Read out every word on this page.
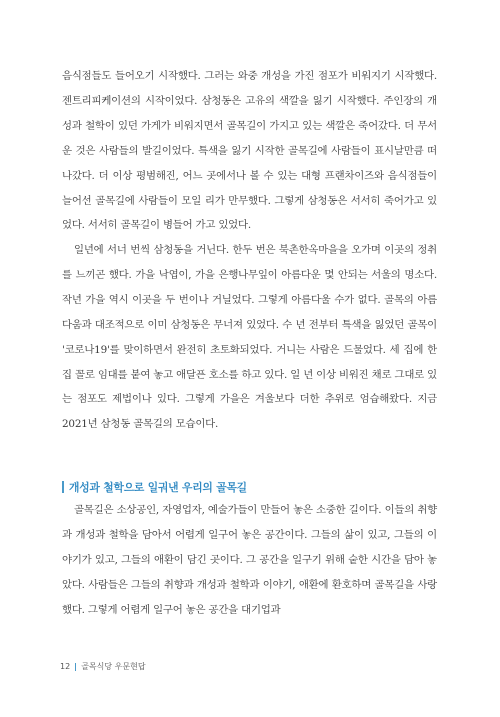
음식점들도 들어오기 시작했다. 그러는 와중 개성을 가진 점포가 비워지기 시작했다. 젠트리피케이션의 시작이었다. 삼청동은 고유의 색깔을 잃기 시작했다. 주인장의 개성과 철학이 있던 가게가 비워지면서 골목길이 가지고 있는 색깔은 죽어갔다. 더 무서운 것은 사람들의 발길이었다. 특색을 잃기 시작한 골목길에 사람들이 표시날만큼 떠나갔다. 더 이상 평범해진, 어느 곳에서나 볼 수 있는 대형 프랜차이즈와 음식점들이 늘어선 골목길에 사람들이 모일 리가 만무했다. 그렇게 삼청동은 서서히 죽어가고 있었다. 서서히 골목길이 병들어 가고 있었다.

일년에 서너 번씩 삼청동을 거닌다. 한두 번은 북촌한옥마을을 오가며 이곳의 정취를 느끼곤 했다. 가을 낙엽이, 가을 은행나무잎이 아름다운 몇 안되는 서울의 명소다. 작년 가을 역시 이곳을 두 번이나 거닐었다. 그렇게 아름다울 수가 없다. 골목의 아름다움과 대조적으로 이미 삼청동은 무너져 있었다. 수 년 전부터 특색을 잃었던 골목이 '코로나19'를 맞이하면서 완전히 초토화되었다. 거니는 사람은 드물었다. 세 집에 한 집 꼴로 임대를 붙여 놓고 애달픈 호소를 하고 있다. 일 년 이상 비워진 채로 그대로 있는 점포도 제법이나 있다. 그렇게 가을은 겨울보다 더한 추위로 엄습해왔다. 지금 2021년 삼청동 골목길의 모습이다.

개성과 철학으로 일궈낸 우리의 골목길

골목길은 소상공인, 자영업자, 예술가들이 만들어 놓은 소중한 길이다. 이들의 취향과 개성과 철학을 담아서 어렵게 일구어 놓은 공간이다. 그들의 삶이 있고, 그들의 이야기가 있고, 그들의 애환이 담긴 곳이다. 그 공간을 일구기 위해 숱한 시간을 담아 놓았다. 사람들은 그들의 취향과 개성과 철학과 이야기, 애환에 환호하며 골목길을 사랑했다. 그렇게 어렵게 일구어 놓은 공간을 대기업과

12 골목식당 우문현답
